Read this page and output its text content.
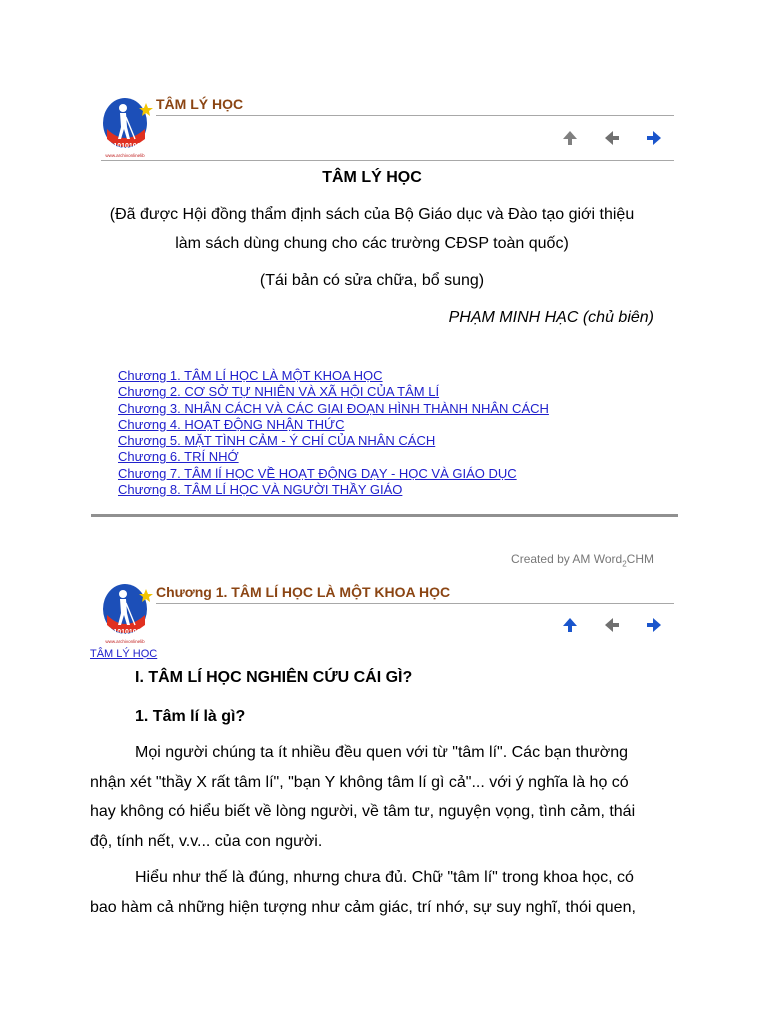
01010101
www.archivonlinelib
TÂM LÝ HỌC
TÂM LÝ HỌC
(Đã được Hội đồng thẩm định sách của Bộ Giáo dục và Đào tạo giới thiệu
làm sách dùng chung cho các trường CĐSP toàn quốc)
(Tái bản có sửa chữa, bổ sung)
PHẠM MINH HẠC (chủ biên)
Chương 1. TÂM LÍ HỌC LÀ MỘT KHOA HỌC
Chương 2. CƠ SỞ TỰ NHIÊN VÀ XÃ HỘI CỦA TÂM LÍ
Chương 3. NHÂN CÁCH VÀ CÁC GIAI ĐOẠN HÌNH THÀNH NHÂN CÁCH
Chương 4. HOẠT ĐỘNG NHẬN THỨC
Chương 5. MẶT TÌNH CẢM - Ý CHÍ CỦA NHÂN CÁCH
Chương 6. TRÍ NHỚ
Chương 7. TÂM lÍ HỌC VỀ HOẠT ĐỘNG DẠY - HỌC VÀ GIÁO DỤC
Chương 8. TÂM LÍ HỌC VÀ NGƯỜI THẦY GIÁO
Created by AM Word$_2$CHM
01010101
www.archivonlinelib
Chương 1. TÂM LÍ HỌC LÀ MỘT KHOA HỌC
TÂM LÝ HỌC
I. TÂM LÍ HỌC NGHIÊN CỨU CÁI GÌ?
1. Tâm lí là gì?
Mọi người chúng ta ít nhiều đều quen với từ "tâm lí". Các bạn thường
nhận xét "thầy X rất tâm lí", "bạn Y không tâm lí gì cả"... với ý nghĩa là họ có
hay không có hiểu biết về lòng người, về tâm tư, nguyện vọng, tình cảm, thái
độ, tính nết, v.v... của con người.
Hiểu như thế là đúng, nhưng chưa đủ. Chữ "tâm lí" trong khoa học, có
bao hàm cả những hiện tượng như cảm giác, trí nhớ, sự suy nghĩ, thói quen,
